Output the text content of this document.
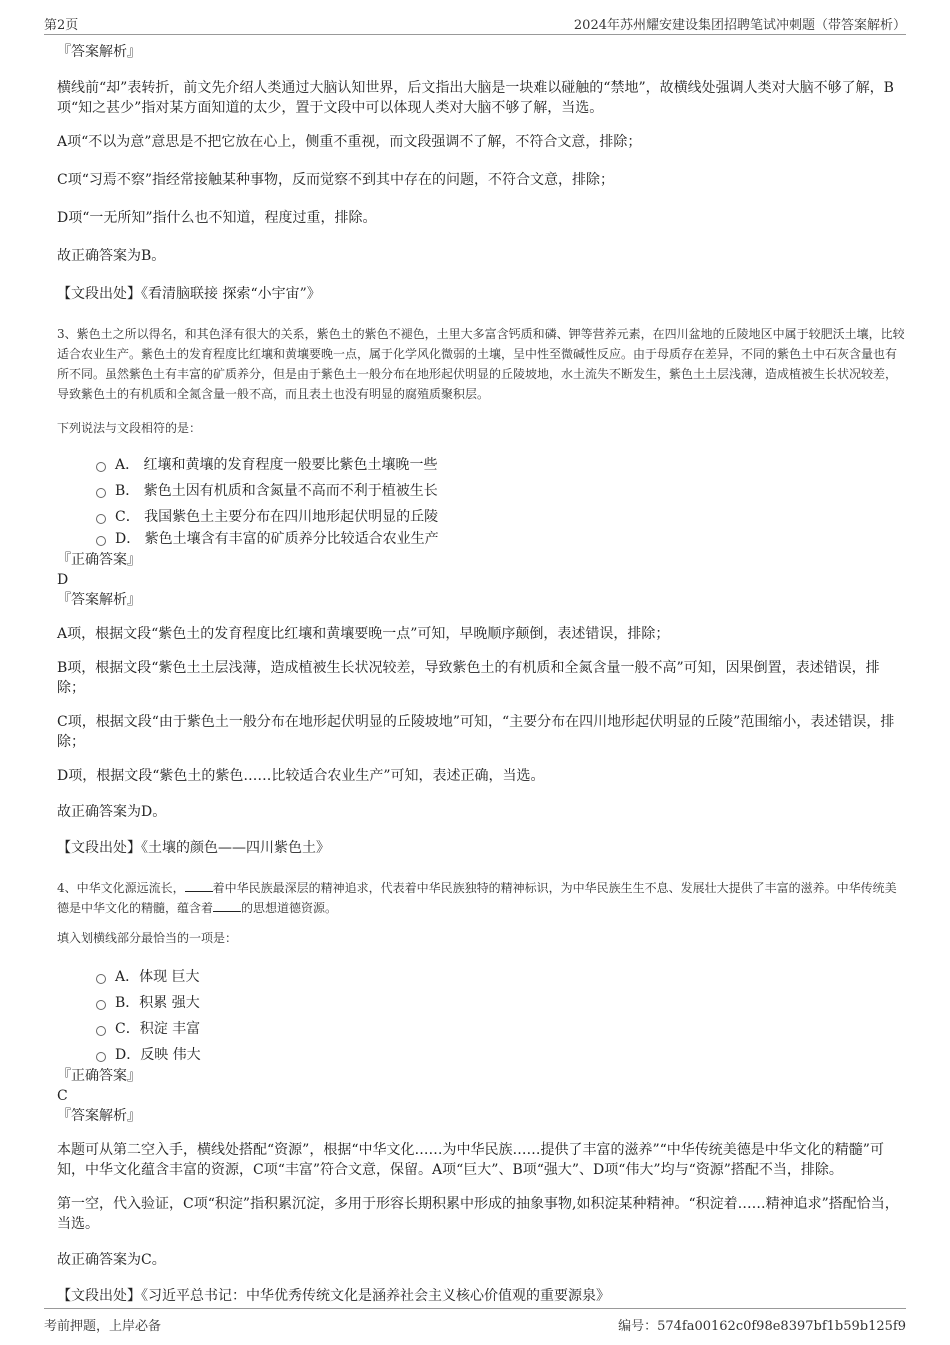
第2页	2024年苏州耀安建设集团招聘笔试冲刺题（带答案解析）

『答案解析』

横线前“却”表转折，前文先介绍人类通过大脑认知世界，后文指出大脑是一块难以碰触的“禁地”，故横线处强调人类对大脑不够了解，B项“知之甚少”指对某方面知道的太少，置于文段中可以体现人类对大脑不够了解，当选。

A项“不以为意”意思是不把它放在心上，侧重不重视，而文段强调不了解，不符合文意，排除；

C项“习焉不察”指经常接触某种事物，反而觉察不到其中存在的问题，不符合文意，排除；

D项“一无所知”指什么也不知道，程度过重，排除。

故正确答案为B。

【文段出处】《看清脑联接 探索“小宇宙”》

3、紫色土之所以得名，和其色泽有很大的关系，紫色土的紫色不褪色，土里大多富含钙质和磷、钾等营养元素，在四川盆地的丘陵地区中属于较肥沃土壤，比较适合农业生产。紫色土的发育程度比红壤和黄壤要晚一点，属于化学风化微弱的土壤，呈中性至微碱性反应。由于母质存在差异，不同的紫色土中石灰含量也有所不同。虽然紫色土有丰富的矿质养分，但是由于紫色土一般分布在地形起伏明显的丘陵坡地，水土流失不断发生，紫色土土层浅薄，造成植被生长状况较差，导致紫色土的有机质和全氮含量一般不高，而且表土也没有明显的腐殖质聚积层。

下列说法与文段相符的是：

A． 红壤和黄壤的发育程度一般要比紫色土壤晚一些
B． 紫色土因有机质和含氮量不高而不利于植被生长
C． 我国紫色土主要分布在四川地形起伏明显的丘陵
D． 紫色土壤含有丰富的矿质养分比较适合农业生产

『正确答案』

D

『答案解析』

A项，根据文段“紫色土的发育程度比红壤和黄壤要晚一点”可知，早晚顺序颠倒，表述错误，排除；

B项，根据文段“紫色土土层浅薄，造成植被生长状况较差，导致紫色土的有机质和全氮含量一般不高”可知，因果倒置，表述错误，排除；

C项，根据文段“由于紫色土一般分布在地形起伏明显的丘陵坡地”可知，“主要分布在四川地形起伏明显的丘陵”范围缩小，表述错误，排除；

D项，根据文段“紫色土的紫色……比较适合农业生产”可知，表述正确，当选。

故正确答案为D。

【文段出处】《土壤的颜色——四川紫色土》

4、中华文化源远流长， 着中华民族最深层的精神追求，代表着中华民族独特的精神标识，为中华民族生生不息、发展壮大提供了丰富的滋养。中华传统美德是中华文化的精髓，蕴含着 的思想道德资源。

填入划横线部分最恰当的一项是：

A．体现 巨大
B．积累 强大
C．积淀 丰富
D．反映 伟大

『正确答案』

C

『答案解析』

本题可从第二空入手，横线处搭配“资源”，根据“中华文化……为中华民族……提供了丰富的滋养”“中华传统美德是中华文化的精髓”可知，中华文化蕴含丰富的资源，C项“丰富”符合文意，保留。A项“巨大”、B项“强大”、D项“伟大”均与“资源”搭配不当，排除。

第一空，代入验证，C项“积淀”指积累沉淀，多用于形容长期积累中形成的抽象事物,如积淀某种精神。“积淀着……精神追求”搭配恰当，当选。

故正确答案为C。

【文段出处】《习近平总书记：中华优秀传统文化是涵养社会主义核心价值观的重要源泉》

考前押题，上岸必备	编号：574fa00162c0f98e8397bf1b59b125f9
